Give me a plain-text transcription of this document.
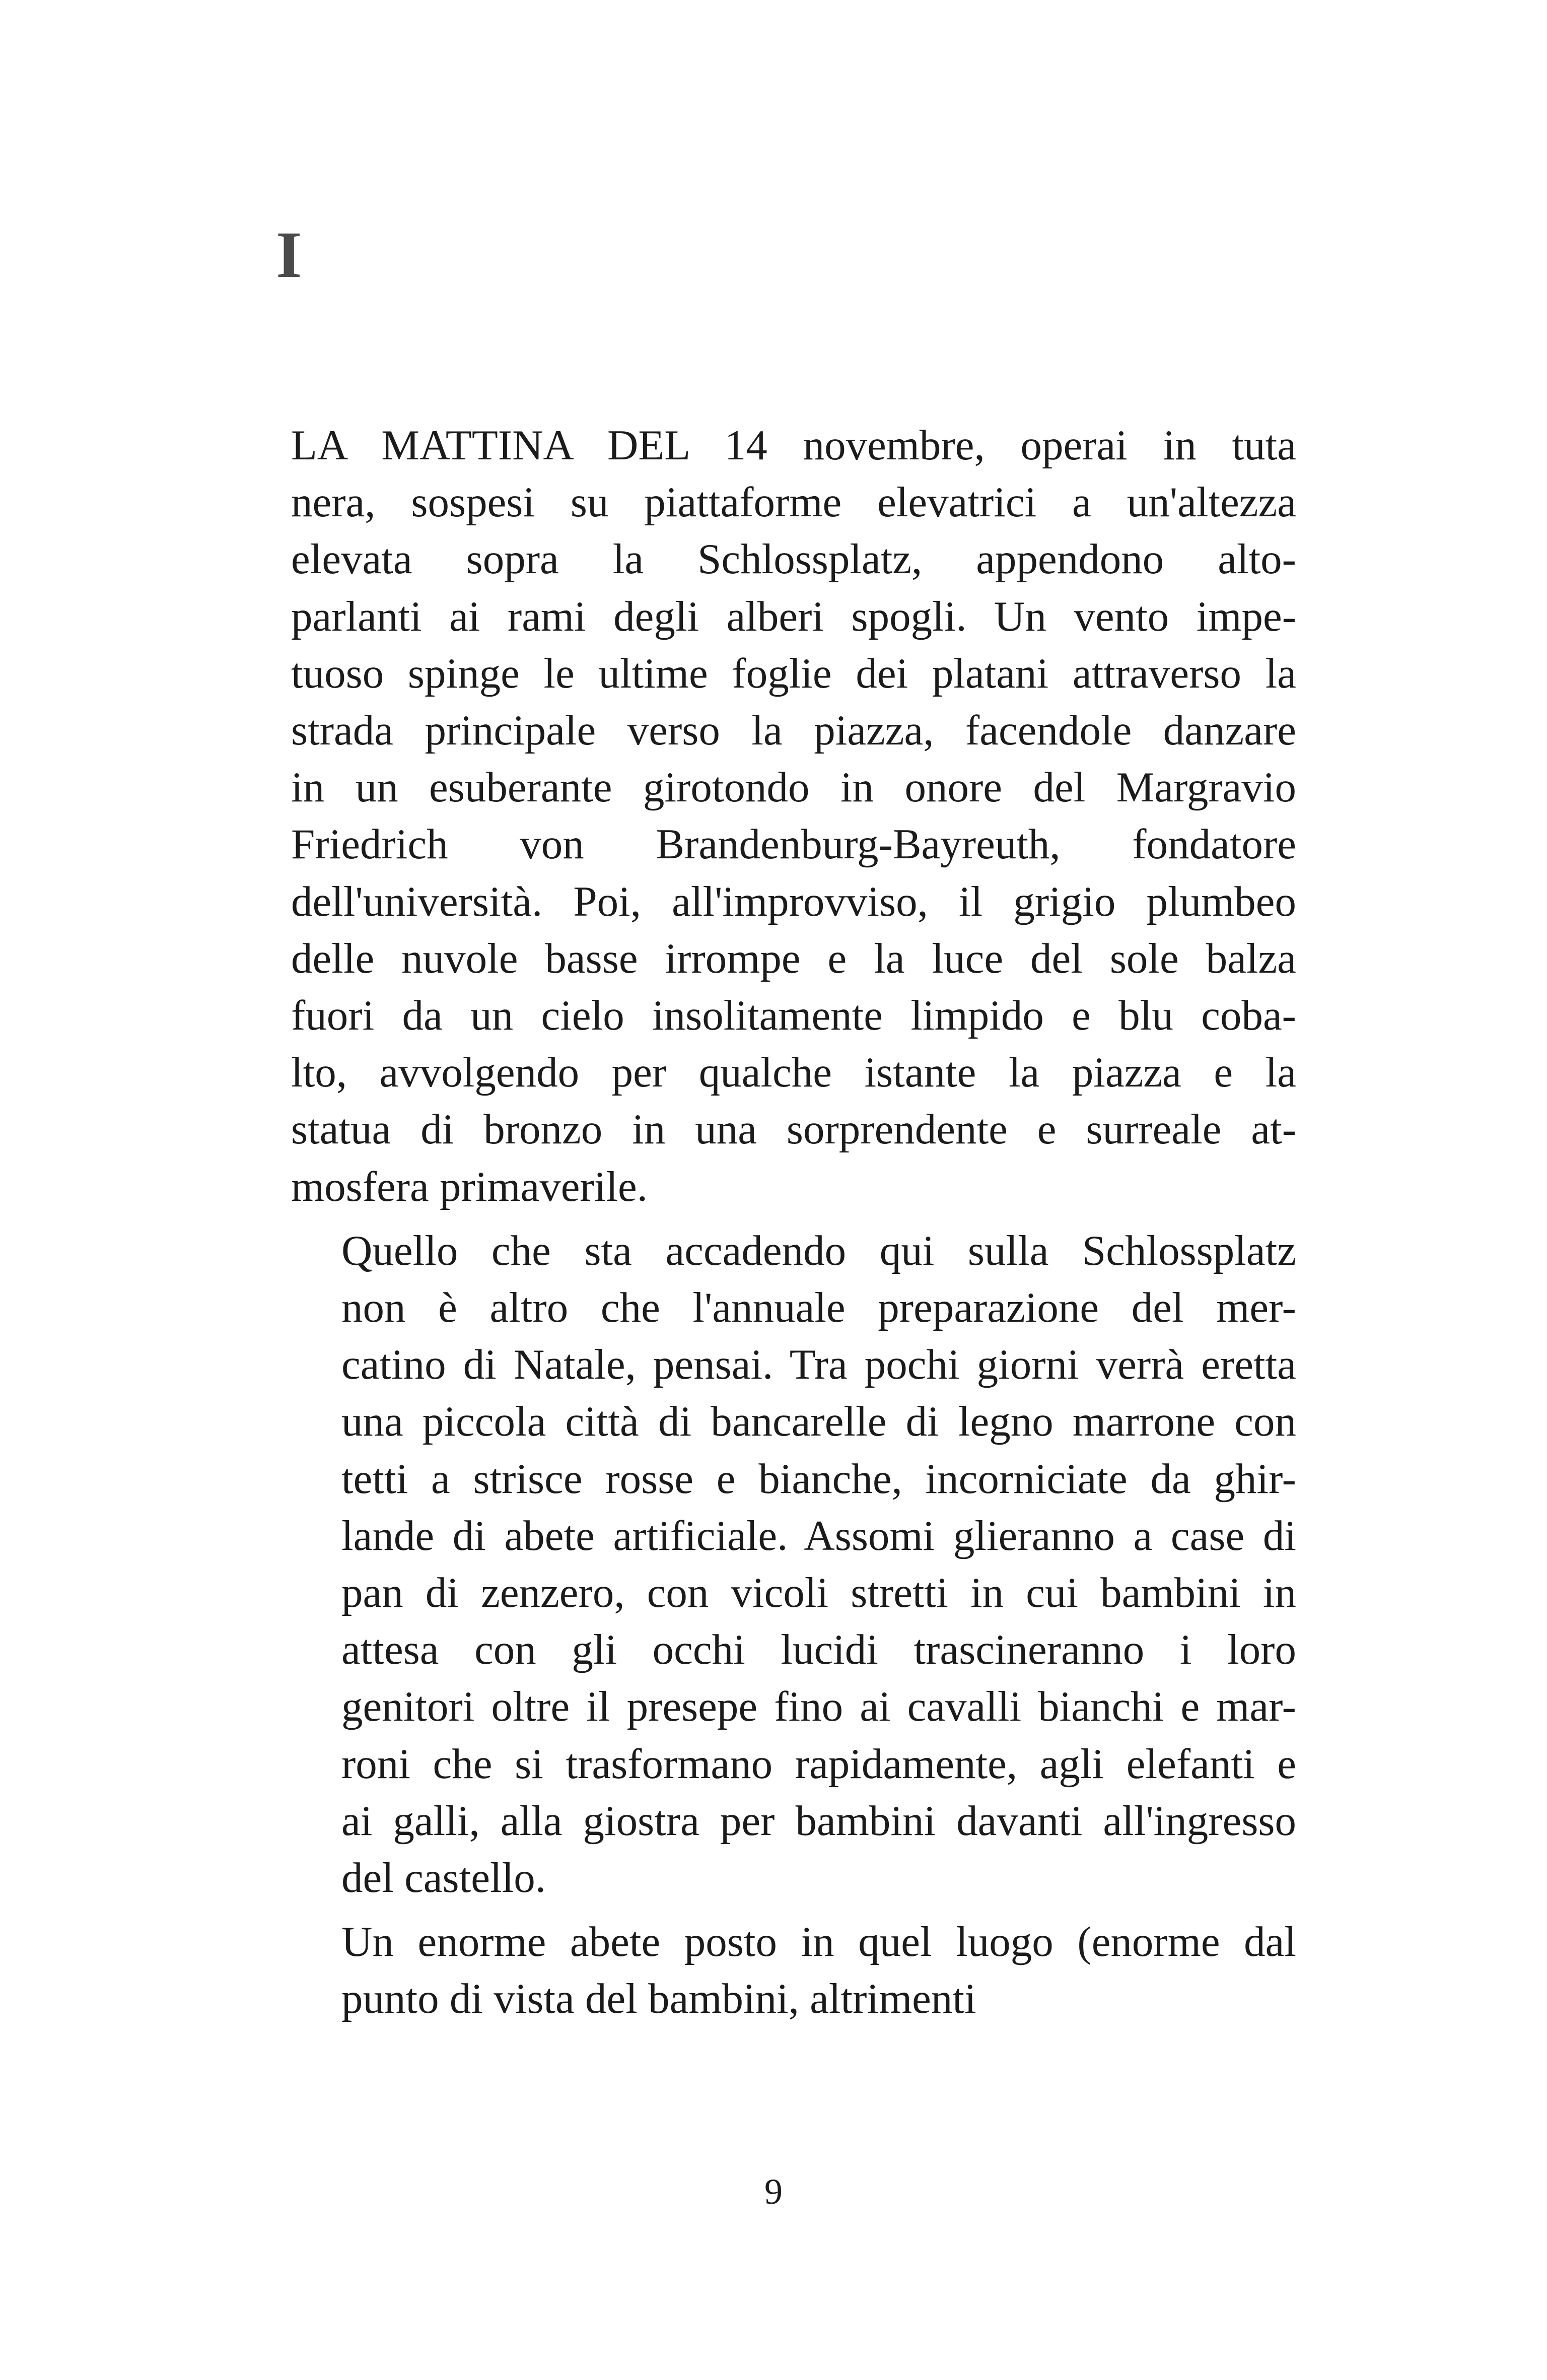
I

LA MATTINA DEL 14 novembre, operai in tuta
nera, sospesi su piattaforme elevatrici a un'altezza
elevata sopra la Schlossplatz, appendono alto-
parlanti ai rami degli alberi spogli. Un vento impe-
tuoso spinge le ultime foglie dei platani attraverso la
strada principale verso la piazza, facendole danzare
in un esuberante girotondo in onore del Margravio
Friedrich von Brandenburg-Bayreuth, fondatore
dell'università. Poi, all'improvviso, il grigio plumbeo
delle nuvole basse irrompe e la luce del sole balza
fuori da un cielo insolitamente limpido e blu coba-
lto, avvolgendo per qualche istante la piazza e la
statua di bronzo in una sorprendente e surreale at-
mosfera primaverile.

Quello che sta accadendo qui sulla Schlossplatz
non è altro che l'annuale preparazione del mer-
catino di Natale, pensai. Tra pochi giorni verrà eretta
una piccola città di bancarelle di legno marrone con
tetti a strisce rosse e bianche, incorniciate da ghir-
lande di abete artificiale. Assomi glieranno a case di
pan di zenzero, con vicoli stretti in cui bambini in
attesa con gli occhi lucidi trascineranno i loro
genitori oltre il presepe fino ai cavalli bianchi e mar-
roni che si trasformano rapidamente, agli elefanti e
ai galli, alla giostra per bambini davanti all'ingresso
del castello.

Un enorme abete posto in quel luogo (enorme dal
punto di vista del bambini, altrimenti

9
